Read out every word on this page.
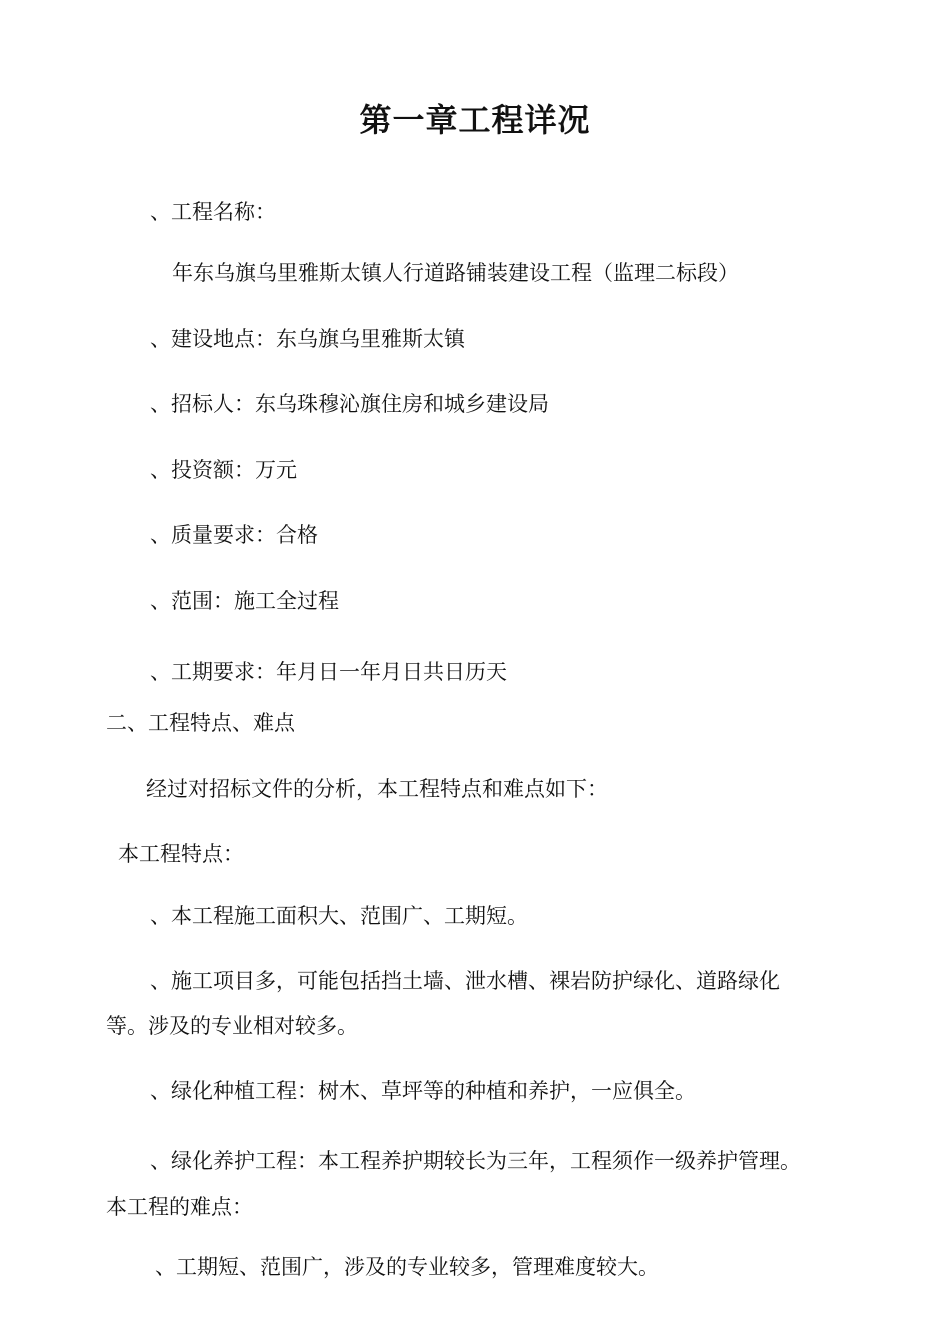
第一章工程详况
、工程名称：
年东乌旗乌里雅斯太镇人行道路铺装建设工程（监理二标段）
、建设地点：东乌旗乌里雅斯太镇
、招标人：东乌珠穆沁旗住房和城乡建设局
、投资额：万元
、质量要求：合格
、范围：施工全过程
、工期要求：年月日一年月日共日历天
二、工程特点、难点
经过对招标文件的分析，本工程特点和难点如下：
本工程特点：
、本工程施工面积大、范围广、工期短。
、施工项目多，可能包括挡土墙、泄水槽、裸岩防护绿化、道路绿化
等。涉及的专业相对较多。
、绿化种植工程：树木、草坪等的种植和养护，一应俱全。
、绿化养护工程：本工程养护期较长为三年，工程须作一级养护管理。
本工程的难点：
、工期短、范围广，涉及的专业较多，管理难度较大。
